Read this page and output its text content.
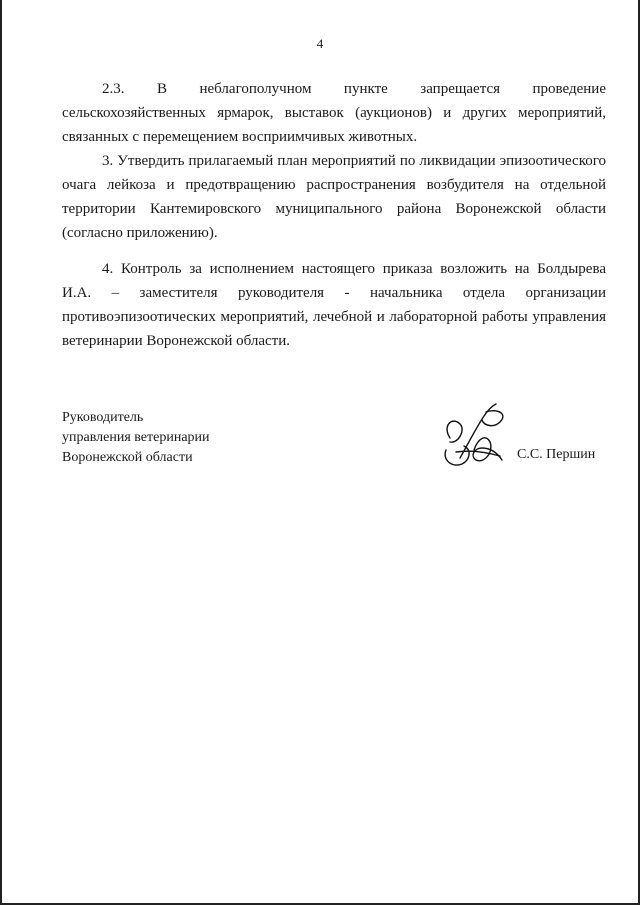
4

2.3. В неблагополучном пункте запрещается проведение сельскохозяйственных ярмарок, выставок (аукционов) и других мероприятий, связанных с перемещением восприимчивых животных.

3. Утвердить прилагаемый план мероприятий по ликвидации эпизоотического очага лейкоза и предотвращению распространения возбудителя на отдельной территории Кантемировского муниципального района Воронежской области (согласно приложению).

4. Контроль за исполнением настоящего приказа возложить на Болдырева И.А. – заместителя руководителя - начальника отдела организации противоэпизоотических мероприятий, лечебной и лабораторной работы управления ветеринарии Воронежской области.

Руководитель
управления ветеринарии
Воронежской области	С.С. Першин
